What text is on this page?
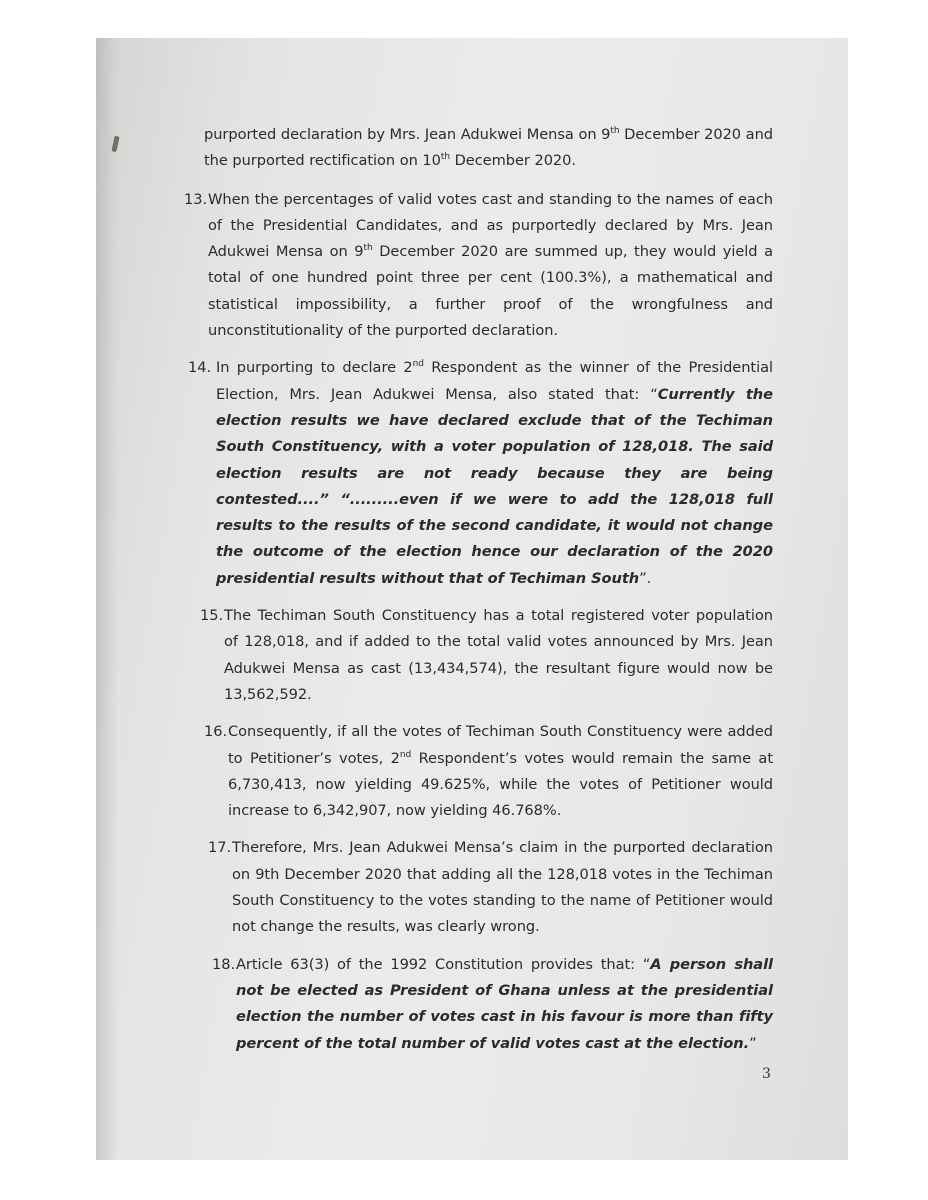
purported declaration by Mrs. Jean Adukwei Mensa on 9th December 2020 and the purported rectification on 10th December 2020.
13. When the percentages of valid votes cast and standing to the names of each of the Presidential Candidates, and as purportedly declared by Mrs. Jean Adukwei Mensa on 9th December 2020 are summed up, they would yield a total of one hundred point three per cent (100.3%), a mathematical and statistical impossibility, a further proof of the wrongfulness and unconstitutionality of the purported declaration.
14. In purporting to declare 2nd Respondent as the winner of the Presidential Election, Mrs. Jean Adukwei Mensa, also stated that: “Currently the election results we have declared exclude that of the Techiman South Constituency, with a voter population of 128,018. The said election results are not ready because they are being contested....” “.........even if we were to add the 128,018 full results to the results of the second candidate, it would not change the outcome of the election hence our declaration of the 2020 presidential results without that of Techiman South”.
15. The Techiman South Constituency has a total registered voter population of 128,018, and if added to the total valid votes announced by Mrs. Jean Adukwei Mensa as cast (13,434,574), the resultant figure would now be 13,562,592.
16. Consequently, if all the votes of Techiman South Constituency were added to Petitioner’s votes, 2nd Respondent’s votes would remain the same at 6,730,413, now yielding 49.625%, while the votes of Petitioner would increase to 6,342,907, now yielding 46.768%.
17. Therefore, Mrs. Jean Adukwei Mensa’s claim in the purported declaration on 9th December 2020 that adding all the 128,018 votes in the Techiman South Constituency to the votes standing to the name of Petitioner would not change the results, was clearly wrong.
18. Article 63(3) of the 1992 Constitution provides that: “A person shall not be elected as President of Ghana unless at the presidential election the number of votes cast in his favour is more than fifty percent of the total number of valid votes cast at the election.”
3
